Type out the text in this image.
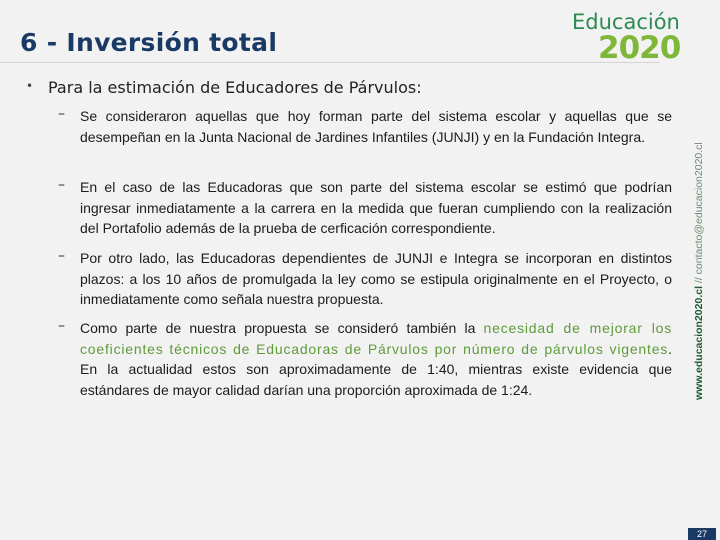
6 - Inversión total
Educación
2020
www.educacion2020.cl // contacto@educacion2020.cl
• Para la estimación de Educadores de Párvulos:
– Se consideraron aquellas que hoy forman parte del sistema escolar y aquellas que se desempeñan en la Junta Nacional de Jardines Infantiles (JUNJI) y en la Fundación Integra.
– En el caso de las Educadoras que son parte del sistema escolar se estimó que podrían ingresar inmediatamente a la carrera en la medida que fueran cumpliendo con la realización del Portafolio además de la prueba de cerficación correspondiente.
– Por otro lado, las Educadoras dependientes de JUNJI e Integra se incorporan en distintos plazos: a los 10 años de promulgada la ley como se estipula originalmente en el Proyecto, o inmediatamente como señala nuestra propuesta.
– Como parte de nuestra propuesta se consideró también la necesidad de mejorar los coeficientes técnicos de Educadoras de Párvulos por número de párvulos vigentes. En la actualidad estos son aproximadamente de 1:40, mientras existe evidencia que estándares de mayor calidad darían una proporción aproximada de 1:24.
27
